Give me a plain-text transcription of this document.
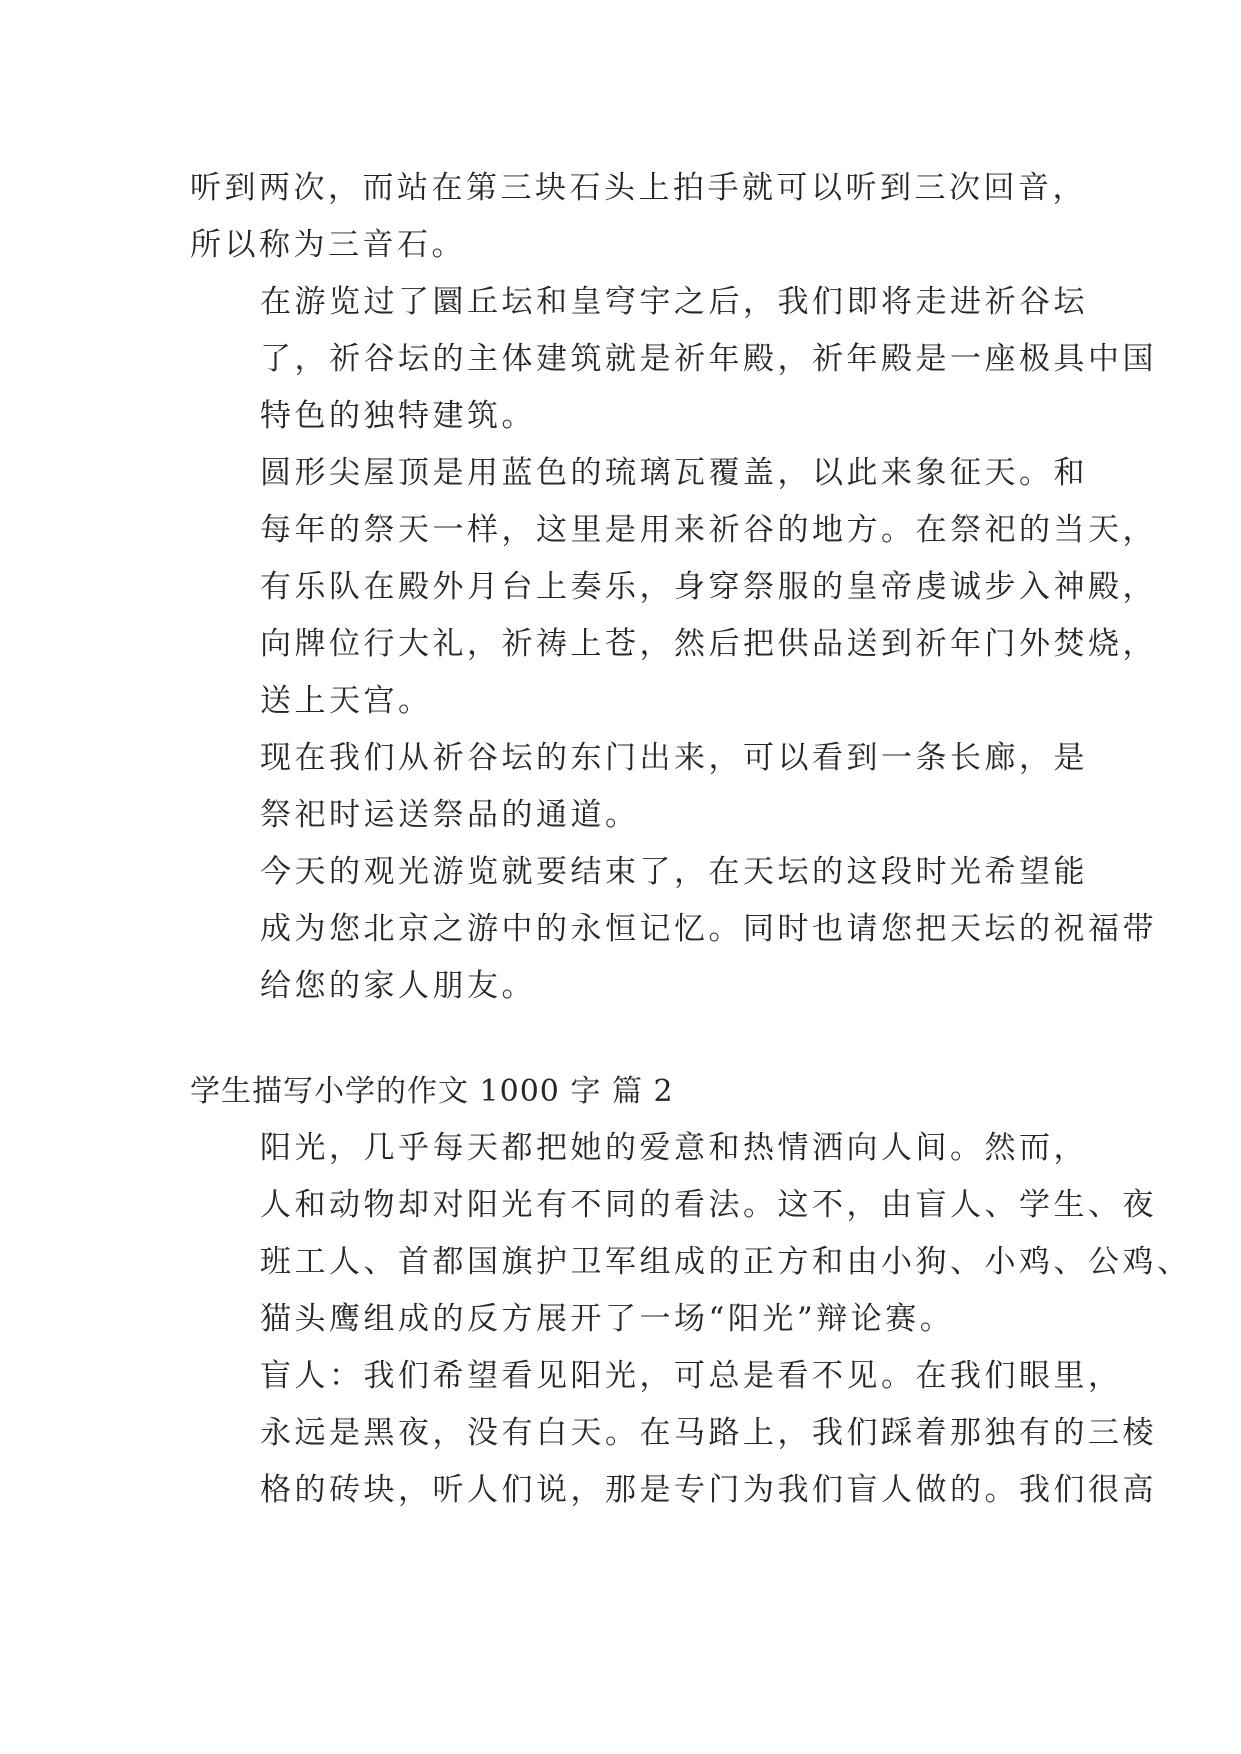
听到两次，而站在第三块石头上拍手就可以听到三次回音，
所以称为三音石。

在游览过了圜丘坛和皇穹宇之后，我们即将走进祈谷坛
了，祈谷坛的主体建筑就是祈年殿，祈年殿是一座极具中国
特色的独特建筑。

圆形尖屋顶是用蓝色的琉璃瓦覆盖，以此来象征天。和
每年的祭天一样，这里是用来祈谷的地方。在祭祀的当天，
有乐队在殿外月台上奏乐，身穿祭服的皇帝虔诚步入神殿，
向牌位行大礼，祈祷上苍，然后把供品送到祈年门外焚烧，
送上天宫。

现在我们从祈谷坛的东门出来，可以看到一条长廊，是
祭祀时运送祭品的通道。

今天的观光游览就要结束了，在天坛的这段时光希望能
成为您北京之游中的永恒记忆。同时也请您把天坛的祝福带
给您的家人朋友。

学生描写小学的作文 1000 字 篇 2

阳光，几乎每天都把她的爱意和热情洒向人间。然而，
人和动物却对阳光有不同的看法。这不，由盲人、学生、夜
班工人、首都国旗护卫军组成的正方和由小狗、小鸡、公鸡、
猫头鹰组成的反方展开了一场“阳光”辩论赛。

盲人：我们希望看见阳光，可总是看不见。在我们眼里，
永远是黑夜，没有白天。在马路上，我们踩着那独有的三棱
格的砖块，听人们说，那是专门为我们盲人做的。我们很高
